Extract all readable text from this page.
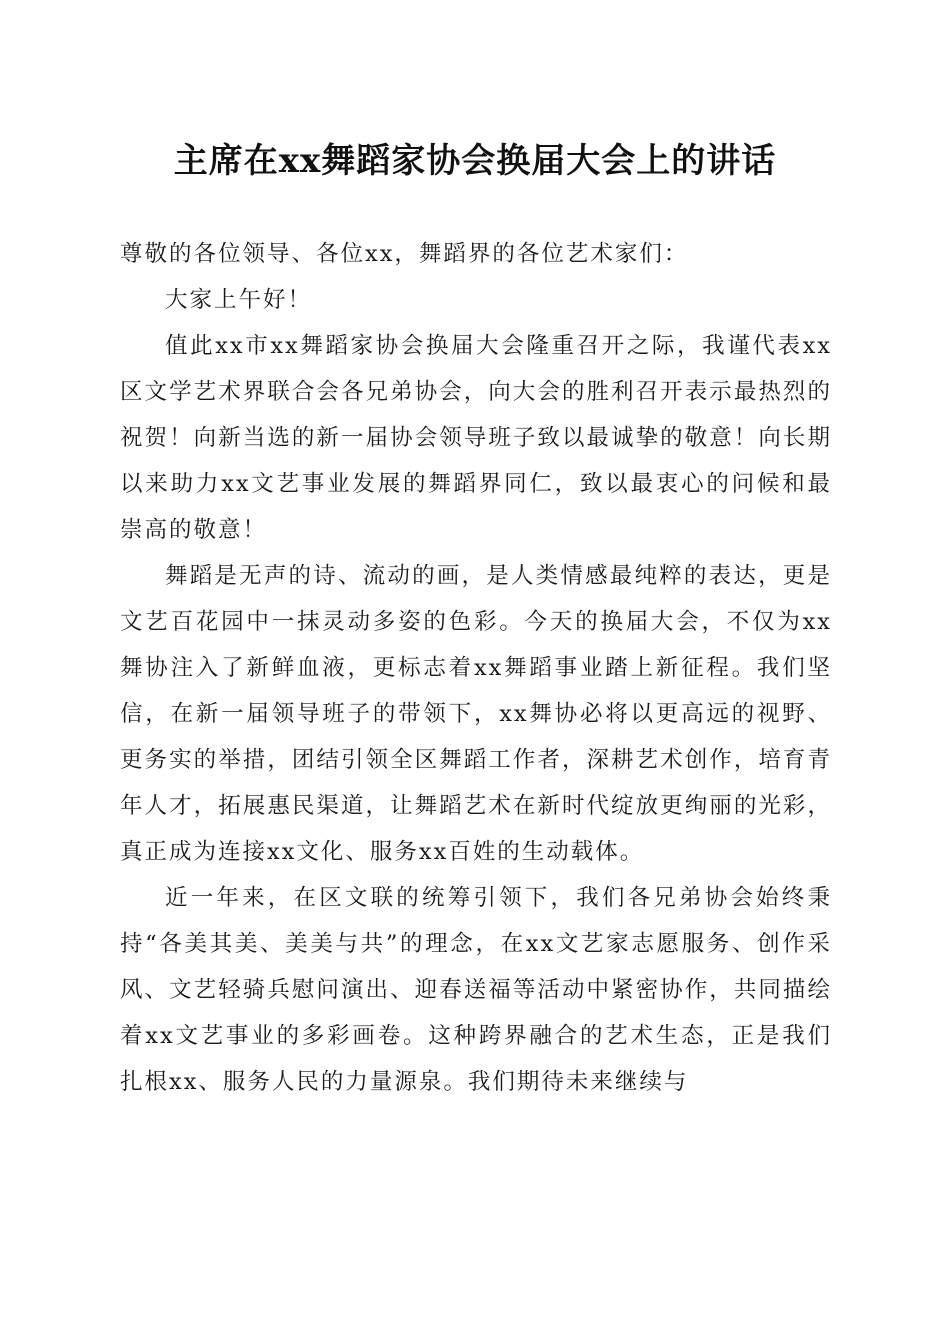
主席在xx舞蹈家协会换届大会上的讲话

尊敬的各位领导、各位xx，舞蹈界的各位艺术家们：

大家上午好！

值此xx市xx舞蹈家协会换届大会隆重召开之际，我谨代表xx区文学艺术界联合会各兄弟协会，向大会的胜利召开表示最热烈的祝贺！向新当选的新一届协会领导班子致以最诚挚的敬意！向长期以来助力xx文艺事业发展的舞蹈界同仁，致以最衷心的问候和最崇高的敬意！

舞蹈是无声的诗、流动的画，是人类情感最纯粹的表达，更是文艺百花园中一抹灵动多姿的色彩。今天的换届大会，不仅为xx舞协注入了新鲜血液，更标志着xx舞蹈事业踏上新征程。我们坚信，在新一届领导班子的带领下，xx舞协必将以更高远的视野、更务实的举措，团结引领全区舞蹈工作者，深耕艺术创作，培育青年人才，拓展惠民渠道，让舞蹈艺术在新时代绽放更绚丽的光彩，真正成为连接xx文化、服务xx百姓的生动载体。

近一年来，在区文联的统筹引领下，我们各兄弟协会始终秉持“各美其美、美美与共”的理念，在xx文艺家志愿服务、创作采风、文艺轻骑兵慰问演出、迎春送福等活动中紧密协作，共同描绘着xx文艺事业的多彩画卷。这种跨界融合的艺术生态，正是我们扎根xx、服务人民的力量源泉。我们期待未来继续与
